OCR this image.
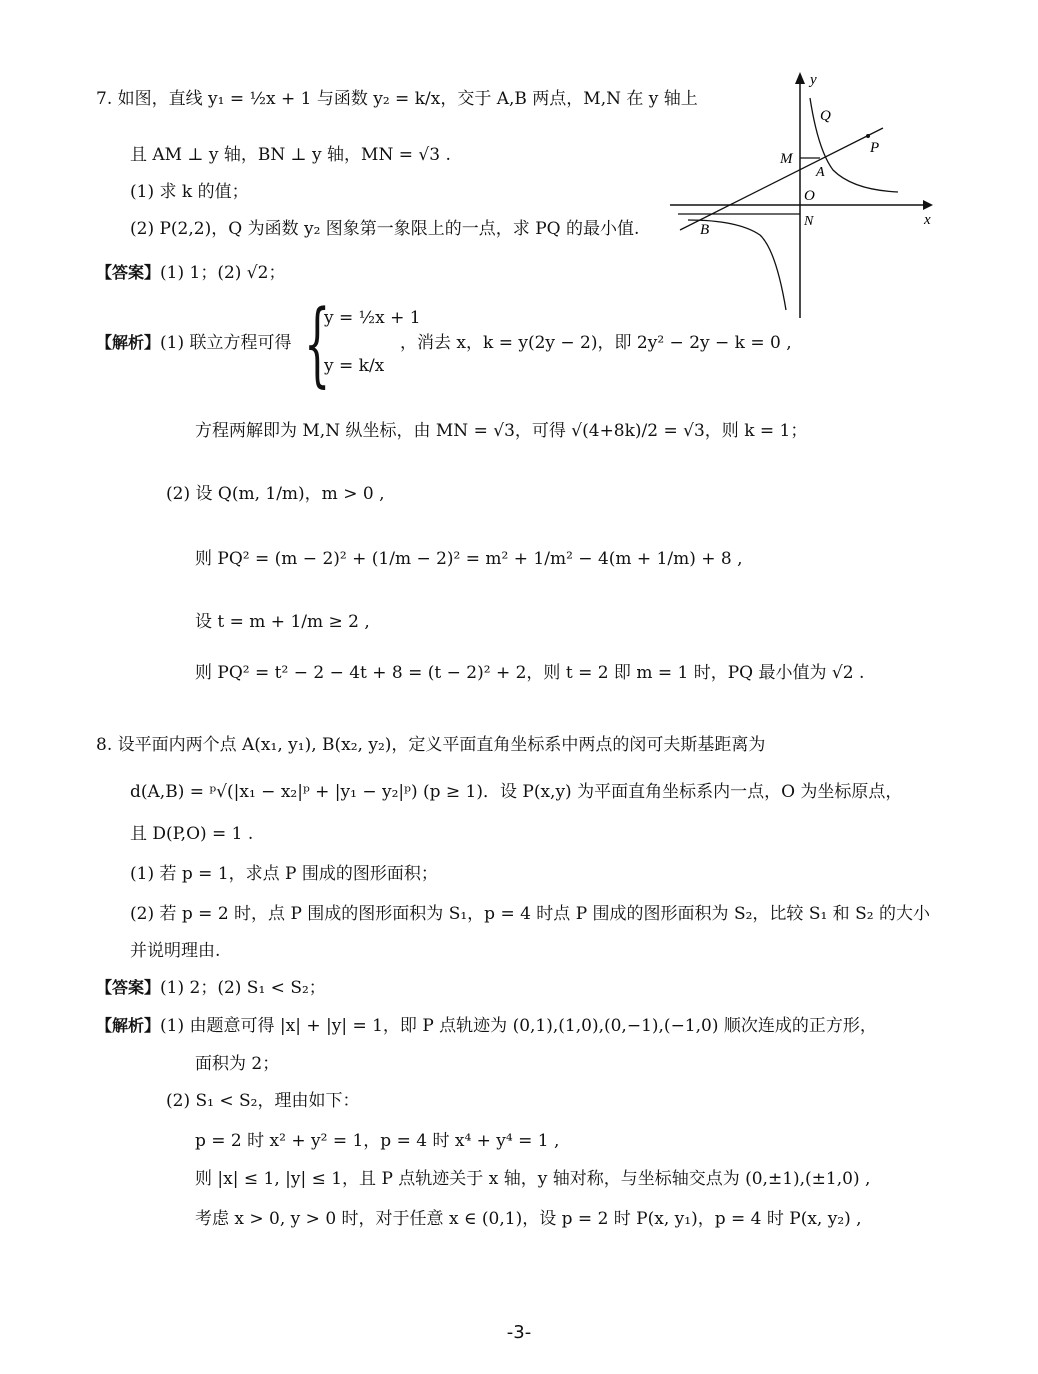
7. 如图，直线 y₁ = ½x + 1 与函数 y₂ = k/x，交于 A,B 两点，M,N 在 y 轴上
且 AM ⊥ y 轴，BN ⊥ y 轴，MN = √3 .
(1) 求 k 的值；
(2) P(2,2)，Q 为函数 y₂ 图象第一象限上的一点，求 PQ 的最小值.
【答案】(1) 1；(2) √2；
【解析】(1) 联立方程可得 {
y = ½x + 1
y = k/x
，消去 x，k = y(2y − 2)，即 2y² − 2y − k = 0 ,
方程两解即为 M,N 纵坐标，由 MN = √3，可得 √(4+8k)/2 = √3，则 k = 1；
(2) 设 Q(m, 1/m)，m > 0 ,
则 PQ² = (m − 2)² + (1/m − 2)² = m² + 1/m² − 4(m + 1/m) + 8 ,
设 t = m + 1/m ≥ 2 ,
则 PQ² = t² − 2 − 4t + 8 = (t − 2)² + 2，则 t = 2 即 m = 1 时，PQ 最小值为 √2 .
y
x
Q
P
M
A
O
N
B
8. 设平面内两个点 A(x₁, y₁), B(x₂, y₂)，定义平面直角坐标系中两点的闵可夫斯基距离为
d(A,B) = ᵖ√(|x₁ − x₂|ᵖ + |y₁ − y₂|ᵖ) (p ≥ 1)．设 P(x,y) 为平面直角坐标系内一点，O 为坐标原点，
且 D(P,O) = 1 .
(1) 若 p = 1，求点 P 围成的图形面积；
(2) 若 p = 2 时，点 P 围成的图形面积为 S₁，p = 4 时点 P 围成的图形面积为 S₂，比较 S₁ 和 S₂ 的大小
并说明理由.
【答案】(1) 2；(2) S₁ < S₂；
【解析】(1) 由题意可得 |x| + |y| = 1，即 P 点轨迹为 (0,1),(1,0),(0,−1),(−1,0) 顺次连成的正方形，
面积为 2；
(2) S₁ < S₂，理由如下：
p = 2 时 x² + y² = 1，p = 4 时 x⁴ + y⁴ = 1 ,
则 |x| ≤ 1, |y| ≤ 1，且 P 点轨迹关于 x 轴，y 轴对称，与坐标轴交点为 (0,±1),(±1,0) ,
考虑 x > 0, y > 0 时，对于任意 x ∈ (0,1)，设 p = 2 时 P(x, y₁)，p = 4 时 P(x, y₂) ,
-3-
